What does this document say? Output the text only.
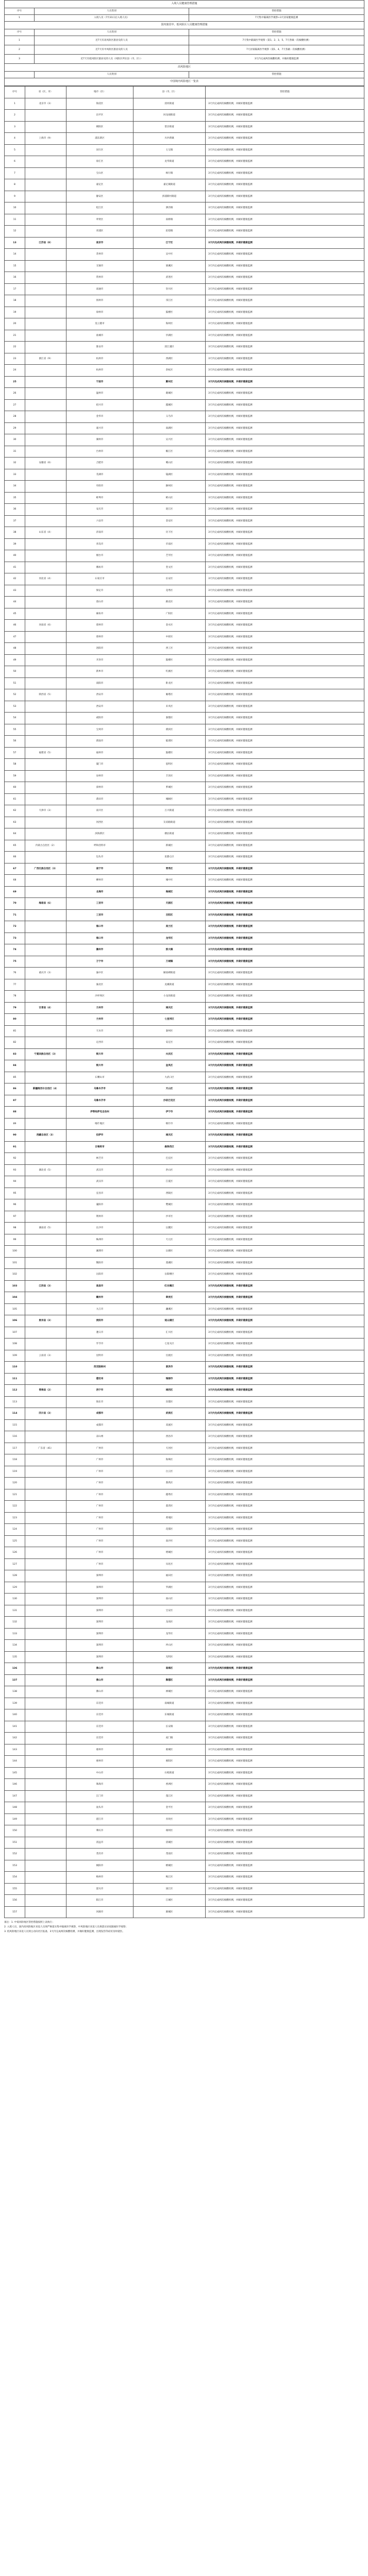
入境人员健康管理措施		
序号	人员类别	管控措施
1	入境人员（7月31日后入境人员）	7天集中隔离医学观察+3天居家健康监测
国内旅居中、低风险区人员健康管理措施		
序号	人员类别	管控措施
1	近7天有高风险区旅居史的人员	7天集中隔离医学观察（第1、2、3、5、7天各做一次核酸检测）
2	近7天有中风险区旅居史的人员	7天居家隔离医学观察（第1、4、7天各做一次核酸检测）
3	近7天有低风险区旅居史的人员（风险区所在县（市、区））	3天内完成两次核酸检测，并做好健康监测
高风险地区		
	人员类别	管控措施
中国境内风险地区一览表		
序号	省（区、市）	地市（区）	县（市、区）	管控措施
1	北京市（3）	海淀区	清河街道	3天内完成两次核酸检测，并做好健康监测
2		昌平区	回龙观街道	3天内完成两次核酸检测，并做好健康监测
3		朝阳区	望京街道	3天内完成两次核酸检测，并做好健康监测
4	上海市（9）	浦东新区	川沙新镇	3天内完成两次核酸检测，并做好健康监测
5		闵行区	七宝镇	3天内完成两次核酸检测，并做好健康监测
6		徐汇区	龙华街道	3天内完成两次核酸检测，并做好健康监测
7		宝山区	杨行镇	3天内完成两次核酸检测，并做好健康监测
8		嘉定区	嘉定镇街道	3天内完成两次核酸检测，并做好健康监测
9		静安区	彭浦新村街道	3天内完成两次核酸检测，并做好健康监测
10		松江区	泗泾镇	3天内完成两次核酸检测，并做好健康监测
11		奉贤区	南桥镇	3天内完成两次核酸检测，并做好健康监测
12		青浦区	赵巷镇	3天内完成两次核酸检测，并做好健康监测
13	江苏省（8）	南京市	江宁区	3天内完成两次核酸检测，并做好健康监测
14		苏州市	吴中区	3天内完成两次核酸检测，并做好健康监测
15		无锡市	梁溪区	3天内完成两次核酸检测，并做好健康监测
16		常州市	武进区	3天内完成两次核酸检测，并做好健康监测
17		南通市	崇川区	3天内完成两次核酸检测，并做好健康监测
18		扬州市	邗江区	3天内完成两次核酸检测，并做好健康监测
19		徐州市	鼓楼区	3天内完成两次核酸检测，并做好健康监测
20		连云港市	海州区	3天内完成两次核酸检测，并做好健康监测
21		盐城市	亭湖区	3天内完成两次核酸检测，并做好健康监测
22		淮安市	清江浦区	3天内完成两次核酸检测，并做好健康监测
23	浙江省（9）	杭州市	西湖区	3天内完成两次核酸检测，并做好健康监测
24		杭州市	余杭区	3天内完成两次核酸检测，并做好健康监测
25		宁波市	鄞州区	3天内完成两次核酸检测，并做好健康监测
26		温州市	鹿城区	3天内完成两次核酸检测，并做好健康监测
27		绍兴市	越城区	3天内完成两次核酸检测，并做好健康监测
28		金华市	义乌市	3天内完成两次核酸检测，并做好健康监测
29		嘉兴市	南湖区	3天内完成两次核酸检测，并做好健康监测
30		湖州市	吴兴区	3天内完成两次核酸检测，并做好健康监测
31		台州市	椒江区	3天内完成两次核酸检测，并做好健康监测
32	安徽省（6）	合肥市	蜀山区	3天内完成两次核酸检测，并做好健康监测
33		芜湖市	镜湖区	3天内完成两次核酸检测，并做好健康监测
34		阜阳市	颍州区	3天内完成两次核酸检测，并做好健康监测
35		蚌埠市	蚌山区	3天内完成两次核酸检测，并做好健康监测
36		安庆市	迎江区	3天内完成两次核酸检测，并做好健康监测
37		六安市	金安区	3天内完成两次核酸检测，并做好健康监测
38	山东省（4）	济南市	历下区	3天内完成两次核酸检测，并做好健康监测
39		青岛市	市南区	3天内完成两次核酸检测，并做好健康监测
40		烟台市	芝罘区	3天内完成两次核酸检测，并做好健康监测
41		潍坊市	奎文区	3天内完成两次核酸检测，并做好健康监测
42	河北省（4）	石家庄市	长安区	3天内完成两次核酸检测，并做好健康监测
43		保定市	竞秀区	3天内完成两次核酸检测，并做好健康监测
44		唐山市	路北区	3天内完成两次核酸检测，并做好健康监测
45		廊坊市	广阳区	3天内完成两次核酸检测，并做好健康监测
46	河南省（6）	郑州市	金水区	3天内完成两次核酸检测，并做好健康监测
47		郑州市	中原区	3天内完成两次核酸检测，并做好健康监测
48		洛阳市	西工区	3天内完成两次核酸检测，并做好健康监测
49		开封市	鼓楼区	3天内完成两次核酸检测，并做好健康监测
50		新乡市	红旗区	3天内完成两次核酸检测，并做好健康监测
51		南阳市	卧龙区	3天内完成两次核酸检测，并做好健康监测
52	陕西省（5）	西安市	雁塔区	3天内完成两次核酸检测，并做好健康监测
53		西安市	未央区	3天内完成两次核酸检测，并做好健康监测
54		咸阳市	秦都区	3天内完成两次核酸检测，并做好健康监测
55		宝鸡市	渭滨区	3天内完成两次核酸检测，并做好健康监测
56		渭南市	临渭区	3天内完成两次核酸检测，并做好健康监测
57	福建省（5）	福州市	鼓楼区	3天内完成两次核酸检测，并做好健康监测
58		厦门市	思明区	3天内完成两次核酸检测，并做好健康监测
59		泉州市	丰泽区	3天内完成两次核酸检测，并做好健康监测
60		漳州市	芗城区	3天内完成两次核酸检测，并做好健康监测
61		莆田市	城厢区	3天内完成两次核酸检测，并做好健康监测
62	天津市（3）	南开区	万兴街道	3天内完成两次核酸检测，并做好健康监测
63		河西区	友谊路街道	3天内完成两次核酸检测，并做好健康监测
64		滨海新区	塘沽街道	3天内完成两次核酸检测，并做好健康监测
65	内蒙古自治区（2）	呼和浩特市	新城区	3天内完成两次核酸检测，并做好健康监测
66		包头市	昆都仑区	3天内完成两次核酸检测，并做好健康监测
67	广西壮族自治区（3）	南宁市	青秀区	3天内完成两次核酸检测，并做好健康监测
68		柳州市	城中区	3天内完成两次核酸检测，并做好健康监测
69		北海市	海城区	3天内完成两次核酸检测，并做好健康监测
70	海南省（6）	三亚市	天涯区	3天内完成两次核酸检测，并做好健康监测
71		三亚市	吉阳区	3天内完成两次核酸检测，并做好健康监测
72		海口市	美兰区	3天内完成两次核酸检测，并做好健康监测
73		海口市	龙华区	3天内完成两次核酸检测，并做好健康监测
74		儋州市	那大镇	3天内完成两次核酸检测，并做好健康监测
75		万宁市	万城镇	3天内完成两次核酸检测，并做好健康监测
76	重庆市（3）	渝中区	解放碑街道	3天内完成两次核酸检测，并做好健康监测
77		渝北区	龙溪街道	3天内完成两次核酸检测，并做好健康监测
78		沙坪坝区	小龙坎街道	3天内完成两次核酸检测，并做好健康监测
79	甘肃省（4）	兰州市	城关区	3天内完成两次核酸检测，并做好健康监测
80		兰州市	七里河区	3天内完成两次核酸检测，并做好健康监测
81		天水市	秦州区	3天内完成两次核酸检测，并做好健康监测
82		定西市	安定区	3天内完成两次核酸检测，并做好健康监测
83	宁夏回族自治区（3）	银川市	兴庆区	3天内完成两次核酸检测，并做好健康监测
84		银川市	金凤区	3天内完成两次核酸检测，并做好健康监测
85		石嘴山市	大武口区	3天内完成两次核酸检测，并做好健康监测
86	新疆维吾尔自治区（4）	乌鲁木齐市	天山区	3天内完成两次核酸检测，并做好健康监测
87		乌鲁木齐市	沙依巴克区	3天内完成两次核酸检测，并做好健康监测
88		伊犁哈萨克自治州	伊宁市	3天内完成两次核酸检测，并做好健康监测
89		喀什地区	喀什市	3天内完成两次核酸检测，并做好健康监测
90	西藏自治区（3）	拉萨市	城关区	3天内完成两次核酸检测，并做好健康监测
91		日喀则市	桑珠孜区	3天内完成两次核酸检测，并做好健康监测
92		林芝市	巴宜区	3天内完成两次核酸检测，并做好健康监测
93	湖北省（5）	武汉市	洪山区	3天内完成两次核酸检测，并做好健康监测
94		武汉市	江夏区	3天内完成两次核酸检测，并做好健康监测
95		宜昌市	西陵区	3天内完成两次核酸检测，并做好健康监测
96		襄阳市	樊城区	3天内完成两次核酸检测，并做好健康监测
97		荆州市	沙市区	3天内完成两次核酸检测，并做好健康监测
98	湖南省（5）	长沙市	岳麓区	3天内完成两次核酸检测，并做好健康监测
99		株洲市	天元区	3天内完成两次核酸检测，并做好健康监测
100		湘潭市	岳塘区	3天内完成两次核酸检测，并做好健康监测
101		衡阳市	蒸湘区	3天内完成两次核酸检测，并做好健康监测
102		岳阳市	岳阳楼区	3天内完成两次核酸检测，并做好健康监测
103	江西省（3）	南昌市	红谷滩区	3天内完成两次核酸检测，并做好健康监测
104		赣州市	章贡区	3天内完成两次核酸检测，并做好健康监测
105		九江市	濂溪区	3天内完成两次核酸检测，并做好健康监测
106	贵州省（3）	贵阳市	观山湖区	3天内完成两次核酸检测，并做好健康监测
107		遵义市	汇川区	3天内完成两次核酸检测，并做好健康监测
108		毕节市	七星关区	3天内完成两次核酸检测，并做好健康监测
109	云南省（3）	昆明市	官渡区	3天内完成两次核酸检测，并做好健康监测
110		西双版纳州	景洪市	3天内完成两次核酸检测，并做好健康监测
111		德宏州	瑞丽市	3天内完成两次核酸检测，并做好健康监测
112	青海省（2）	西宁市	城西区	3天内完成两次核酸检测，并做好健康监测
113		海东市	乐都区	3天内完成两次核酸检测，并做好健康监测
114	四川省（3）	成都市	武侯区	3天内完成两次核酸检测，并做好健康监测
115		成都市	双流区	3天内完成两次核酸检测，并做好健康监测
116		凉山州	西昌市	3天内完成两次核酸检测，并做好健康监测
117	广东省（41）	广州市	天河区	3天内完成两次核酸检测，并做好健康监测
118		广州市	海珠区	3天内完成两次核酸检测，并做好健康监测
119		广州市	白云区	3天内完成两次核酸检测，并做好健康监测
120		广州市	番禺区	3天内完成两次核酸检测，并做好健康监测
121		广州市	越秀区	3天内完成两次核酸检测，并做好健康监测
122		广州市	荔湾区	3天内完成两次核酸检测，并做好健康监测
123		广州市	黄埔区	3天内完成两次核酸检测，并做好健康监测
124		广州市	花都区	3天内完成两次核酸检测，并做好健康监测
125		广州市	南沙区	3天内完成两次核酸检测，并做好健康监测
126		广州市	增城区	3天内完成两次核酸检测，并做好健康监测
127		广州市	从化区	3天内完成两次核酸检测，并做好健康监测
128		深圳市	福田区	3天内完成两次核酸检测，并做好健康监测
129		深圳市	罗湖区	3天内完成两次核酸检测，并做好健康监测
130		深圳市	南山区	3天内完成两次核酸检测，并做好健康监测
131		深圳市	宝安区	3天内完成两次核酸检测，并做好健康监测
132		深圳市	龙岗区	3天内完成两次核酸检测，并做好健康监测
133		深圳市	龙华区	3天内完成两次核酸检测，并做好健康监测
134		深圳市	坪山区	3天内完成两次核酸检测，并做好健康监测
135		深圳市	光明区	3天内完成两次核酸检测，并做好健康监测
136		佛山市	南海区	3天内完成两次核酸检测，并做好健康监测
137		佛山市	顺德区	3天内完成两次核酸检测，并做好健康监测
138		佛山市	禅城区	3天内完成两次核酸检测，并做好健康监测
139		东莞市	南城街道	3天内完成两次核酸检测，并做好健康监测
140		东莞市	东城街道	3天内完成两次核酸检测，并做好健康监测
141		东莞市	长安镇	3天内完成两次核酸检测，并做好健康监测
142		东莞市	虎门镇	3天内完成两次核酸检测，并做好健康监测
143		惠州市	惠城区	3天内完成两次核酸检测，并做好健康监测
144		惠州市	惠阳区	3天内完成两次核酸检测，并做好健康监测
145		中山市	石岐街道	3天内完成两次核酸检测，并做好健康监测
146		珠海市	香洲区	3天内完成两次核酸检测，并做好健康监测
147		江门市	蓬江区	3天内完成两次核酸检测，并做好健康监测
148		汕头市	金平区	3天内完成两次核酸检测，并做好健康监测
149		湛江市	赤坎区	3天内完成两次核酸检测，并做好健康监测
150		肇庆市	端州区	3天内完成两次核酸检测，并做好健康监测
151		清远市	清城区	3天内完成两次核酸检测，并做好健康监测
152		茂名市	茂南区	3天内完成两次核酸检测，并做好健康监测
153		揭阳市	榕城区	3天内完成两次核酸检测，并做好健康监测
154		梅州市	梅江区	3天内完成两次核酸检测，并做好健康监测
155		韶关市	浈江区	3天内完成两次核酸检测，并做好健康监测
156		阳江市	江城区	3天内完成两次核酸检测，并做好健康监测
157		河源市	源城区	3天内完成两次核酸检测，并做好健康监测

备注：1. 中低风险地区管控措施按照上表执行；

2. 入境人员、国内高风险地区来返人员须严格落实集中隔离医学观察，中风险地区来返人员须落实居家隔离医学观察；

3. 低风险地区来返人员须主动向社区报备，3天内完成两次核酸检测，并做好健康监测，出现发热等症状及时就医。
